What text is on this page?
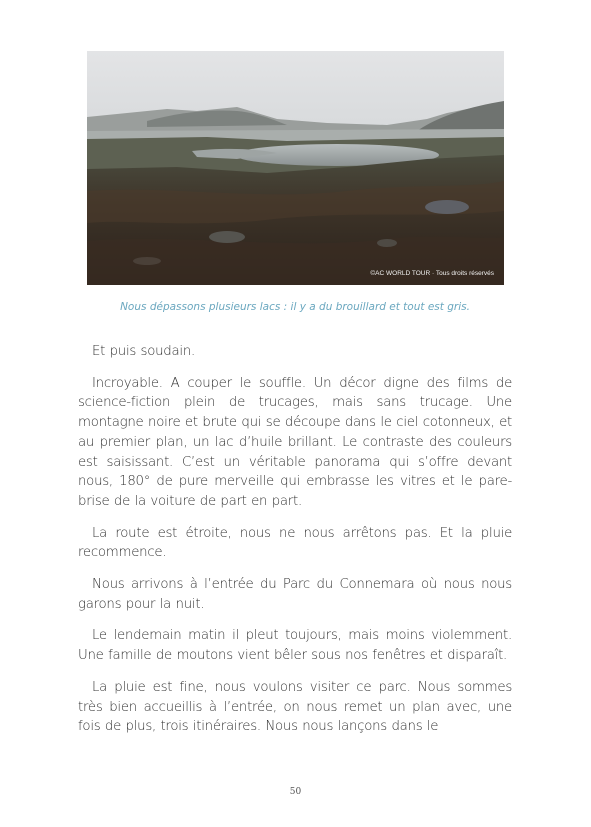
©AC WORLD TOUR · Tous droits réservés
Nous dépassons plusieurs lacs : il y a du brouillard et tout est gris.

Et puis soudain.

Incroyable. A couper le souffle. Un décor digne des films de science-fiction plein de trucages, mais sans trucage. Une montagne noire et brute qui se découpe dans le ciel cotonneux, et au premier plan, un lac d’huile brillant. Le contraste des couleurs est saisissant. C’est un véritable panorama qui s’offre devant nous, 180° de pure merveille qui embrasse les vitres et le pare-brise de la voiture de part en part.

La route est étroite, nous ne nous arrêtons pas. Et la pluie recommence.

Nous arrivons à l’entrée du Parc du Connemara où nous nous garons pour la nuit.

Le lendemain matin il pleut toujours, mais moins violemment. Une famille de moutons vient bêler sous nos fenêtres et disparaît.

La pluie est fine, nous voulons visiter ce parc. Nous sommes très bien accueillis à l’entrée, on nous remet un plan avec, une fois de plus, trois itinéraires. Nous nous lançons dans le

50
